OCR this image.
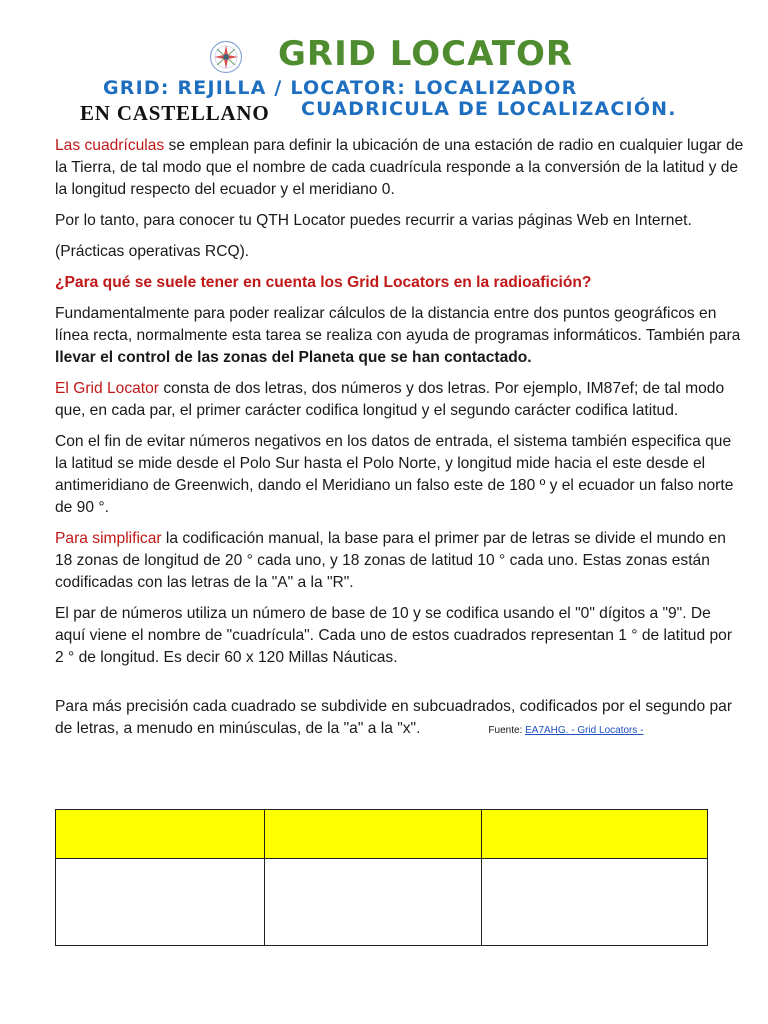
GRID LOCATOR
GRID: REJILLA / LOCATOR: LOCALIZADOR
EN CASTELLANO CUADRICULA DE LOCALIZACIÓN.

Las cuadrículas se emplean para definir la ubicación de una estación de radio en cualquier lugar de la Tierra, de tal modo que el nombre de cada cuadrícula responde a la conversión de la latitud y de la longitud respecto del ecuador y el meridiano 0.

Por lo tanto, para conocer tu QTH Locator puedes recurrir a varias páginas Web en Internet.

(Prácticas operativas RCQ).

¿Para qué se suele tener en cuenta los Grid Locators en la radioafición?

Fundamentalmente para poder realizar cálculos de la distancia entre dos puntos geográficos en línea recta, normalmente esta tarea se realiza con ayuda de programas informáticos. También para llevar el control de las zonas del Planeta que se han contactado.

El Grid Locator consta de dos letras, dos números y dos letras. Por ejemplo, IM87ef; de tal modo que, en cada par, el primer carácter codifica longitud y el segundo carácter codifica latitud.

Con el fin de evitar números negativos en los datos de entrada, el sistema también especifica que la latitud se mide desde el Polo Sur hasta el Polo Norte, y longitud mide hacia el este desde el antimeridiano de Greenwich, dando el Meridiano un falso este de 180 º y el ecuador un falso norte de 90 °.

Para simplificar la codificación manual, la base para el primer par de letras se divide el mundo en 18 zonas de longitud de 20 ° cada uno, y 18 zonas de latitud 10 ° cada uno. Estas zonas están codificadas con las letras de la "A" a la "R".

El par de números utiliza un número de base de 10 y se codifica usando el "0" dígitos a "9". De aquí viene el nombre de "cuadrícula". Cada uno de estos cuadrados representan 1 ° de latitud por 2 ° de longitud. Es decir 60 x 120 Millas Náuticas.

Para más precisión cada cuadrado se subdivide en subcuadrados, codificados por el segundo par de letras, a menudo en minúsculas, de la "a" a la "x".	Fuente: EA7AHG. - Grid Locators -
